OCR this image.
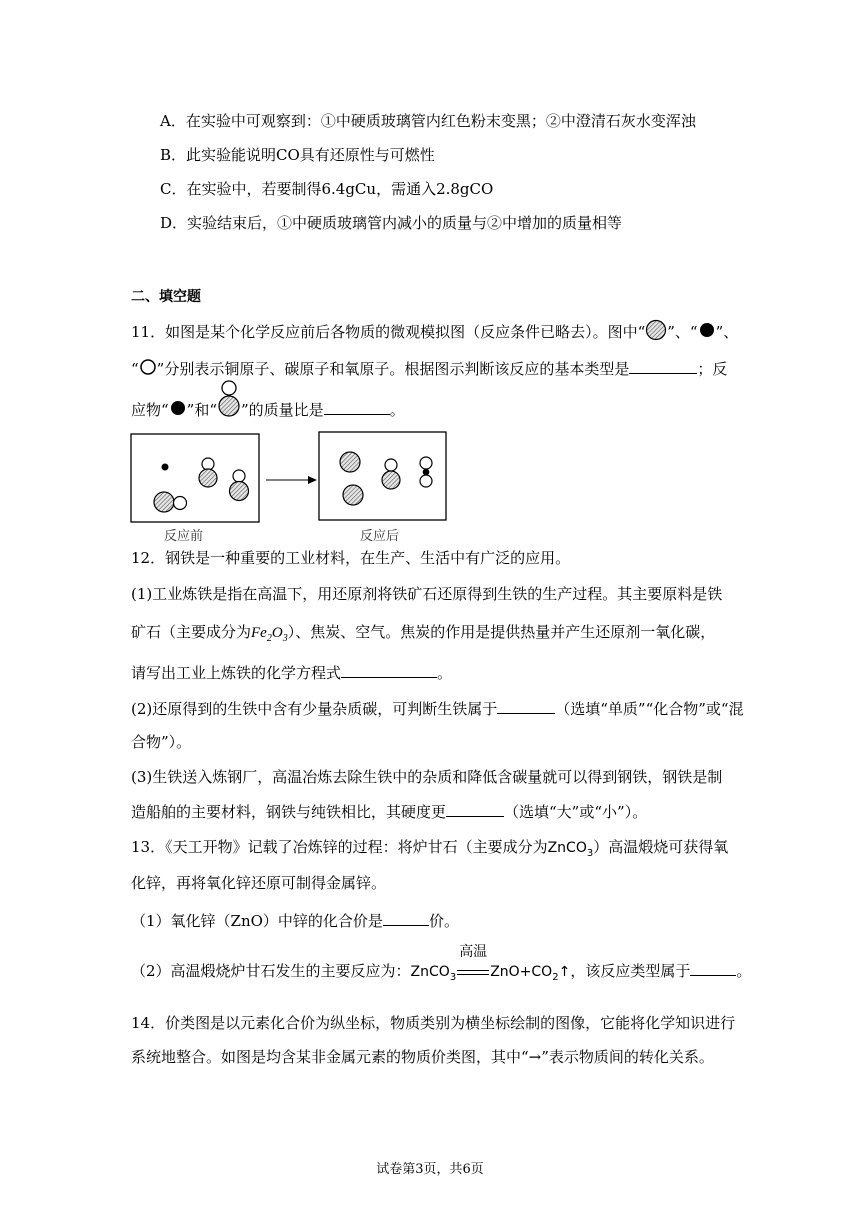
A．在实验中可观察到：①中硬质玻璃管内红色粉末变黑；②中澄清石灰水变浑浊
B．此实验能说明CO具有还原性与可燃性
C．在实验中，若要制得6.4gCu，需通入2.8gCO
D．实验结束后，①中硬质玻璃管内减小的质量与②中增加的质量相等
二、填空题
11．如图是某个化学反应前后各物质的微观模拟图（反应条件已略去）。图中“ ”、“ ”、
“ ”分别表示铜原子、碳原子和氧原子。根据图示判断该反应的基本类型是	；反
应物“ ”和“ ”的质量比是	。
反应前	反应后
12．钢铁是一种重要的工业材料，在生产、生活中有广泛的应用。
(1)工业炼铁是指在高温下，用还原剂将铁矿石还原得到生铁的生产过程。其主要原料是铁
矿石（主要成分为$Fe_2O_3$）、焦炭、空气。焦炭的作用是提供热量并产生还原剂一氧化碳，
请写出工业上炼铁的化学方程式	。
(2)还原得到的生铁中含有少量杂质碳，可判断生铁属于	（选填“单质”“化合物”或“混
合物”）。
(3)生铁送入炼钢厂，高温冶炼去除生铁中的杂质和降低含碳量就可以得到钢铁，钢铁是制
造船舶的主要材料，钢铁与纯铁相比，其硬度更	（选填“大”或“小”）。
13．《天工开物》记载了冶炼锌的过程：将炉甘石（主要成分为ZnCO$_3$）高温煅烧可获得氧
化锌，再将氧化锌还原可制得金属锌。
（1）氧化锌（ZnO）中锌的化合价是	价。
（2）高温煅烧炉甘石发生的主要反应为：ZnCO$_3$
高温
$ZnO+CO_2↑$，该反应类型属于	。
14．价类图是以元素化合价为纵坐标，物质类别为横坐标绘制的图像，它能将化学知识进行
系统地整合。如图是均含某非金属元素的物质价类图，其中“→”表示物质间的转化关系。
试卷第3页，共6页
